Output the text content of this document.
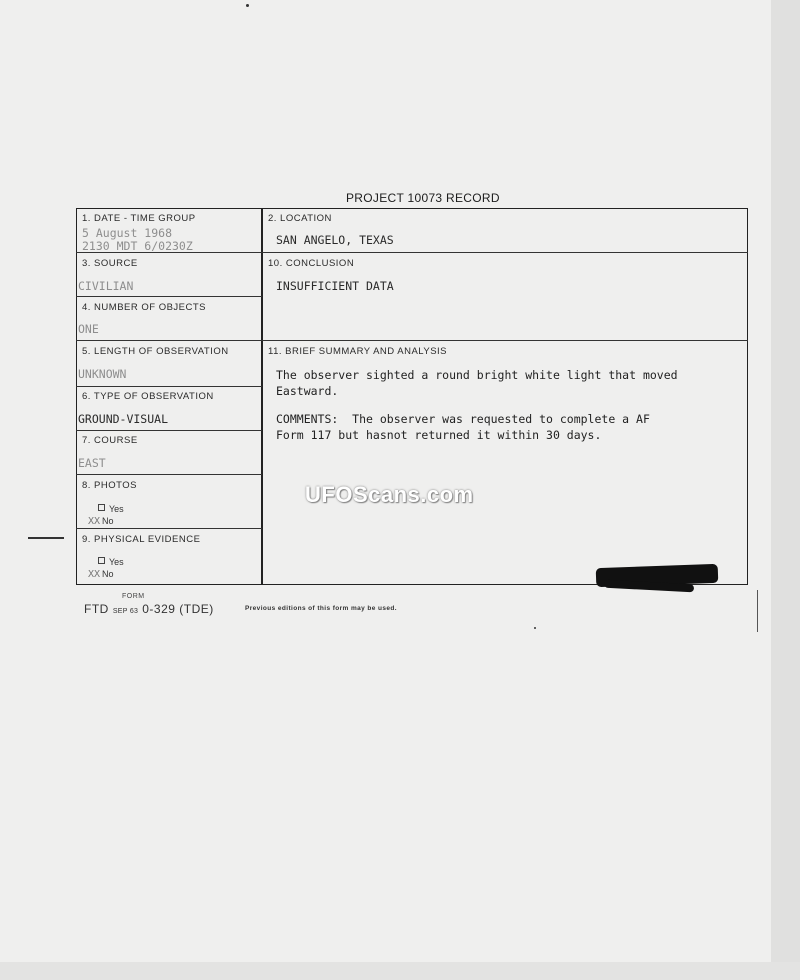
PROJECT 10073 RECORD
1. DATE - TIME GROUP
5 August 1968
2130 MDT 6/0230Z
2. LOCATION
SAN ANGELO, TEXAS
3. SOURCE
CIVILIAN
10. CONCLUSION
INSUFFICIENT DATA
4. NUMBER OF OBJECTS
ONE
5. LENGTH OF OBSERVATION
UNKNOWN
11. BRIEF SUMMARY AND ANALYSIS
The observer sighted a round bright white light that moved
Eastward.
COMMENTS:  The observer was requested to complete a AF
Form 117 but hasnot returned it within 30 days.
6. TYPE OF OBSERVATION
GROUND-VISUAL
7. COURSE
EAST
8. PHOTOS
Yes
XX No
9. PHYSICAL EVIDENCE
Yes
XX No
UFOScans.com
FORM
FTD SEP 63 0-329 (TDE)	Previous editions of this form may be used.
